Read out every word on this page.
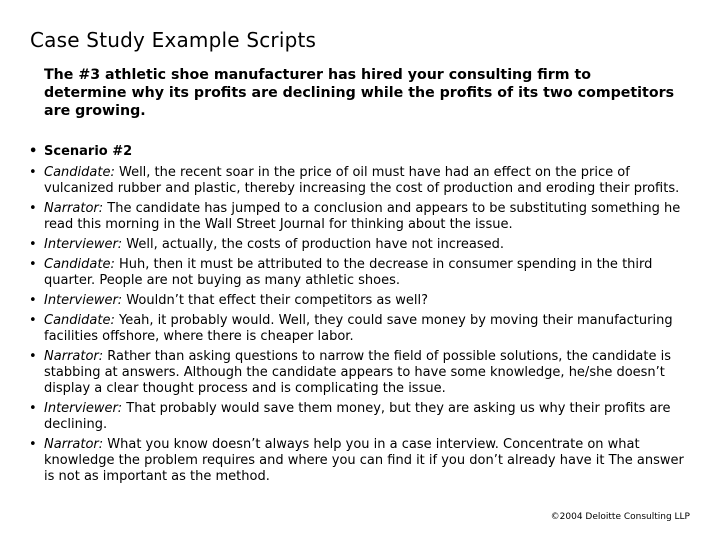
Case Study Example Scripts
The #3 athletic shoe manufacturer has hired your consulting firm to determine why its profits are declining while the profits of its two competitors are growing.
• Scenario #2
• Candidate: Well, the recent soar in the price of oil must have had an effect on the price of vulcanized rubber and plastic, thereby increasing the cost of production and eroding their profits.
• Narrator: The candidate has jumped to a conclusion and appears to be substituting something he read this morning in the Wall Street Journal for thinking about the issue.
• Interviewer: Well, actually, the costs of production have not increased.
• Candidate: Huh, then it must be attributed to the decrease in consumer spending in the third quarter. People are not buying as many athletic shoes.
• Interviewer: Wouldn’t that effect their competitors as well?
• Candidate: Yeah, it probably would. Well, they could save money by moving their manufacturing facilities offshore, where there is cheaper labor.
• Narrator: Rather than asking questions to narrow the field of possible solutions, the candidate is stabbing at answers. Although the candidate appears to have some knowledge, he/she doesn’t display a clear thought process and is complicating the issue.
• Interviewer: That probably would save them money, but they are asking us why their profits are declining.
• Narrator: What you know doesn’t always help you in a case interview. Concentrate on what knowledge the problem requires and where you can find it if you don’t already have it The answer is not as important as the method.
©2004 Deloitte Consulting LLP
